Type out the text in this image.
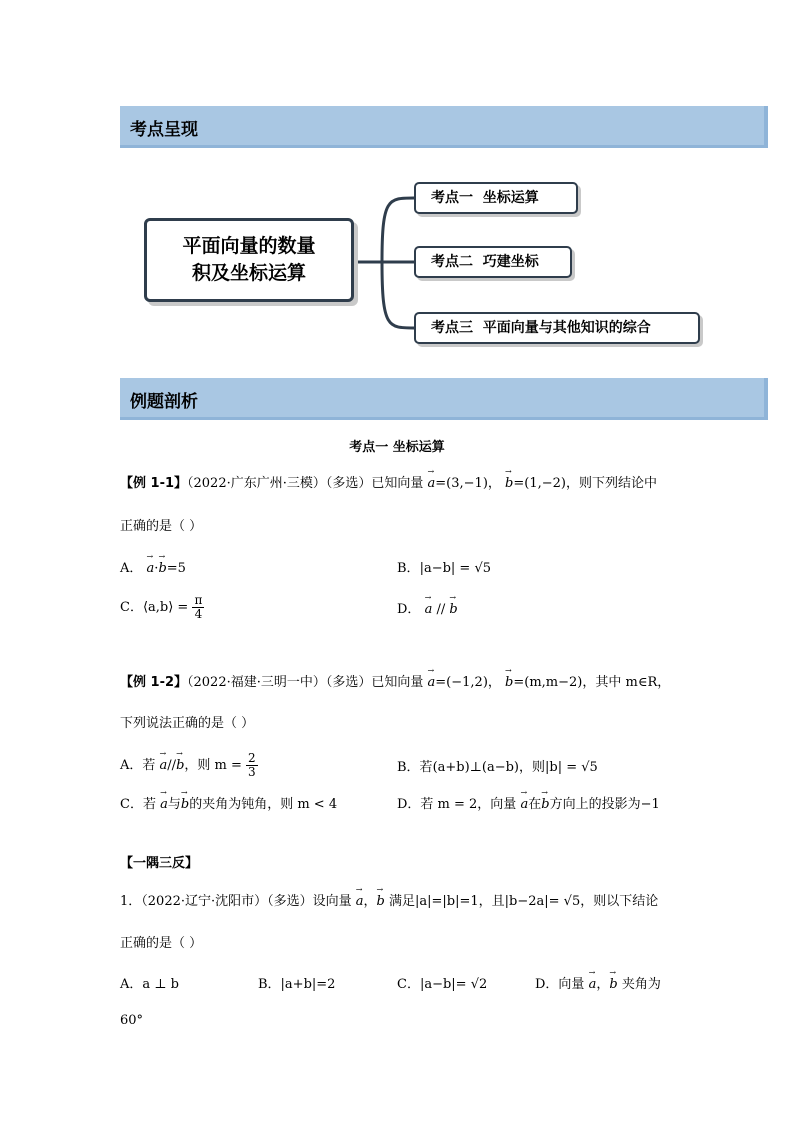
考点呈现
平面向量的数量
积及坐标运算
考点一  坐标运算
考点二  巧建坐标
考点三  平面向量与其他知识的综合
例题剖析
考点一 坐标运算
【例 1-1】（2022·广东广州·三模）（多选）已知向量 → a=(3,−1)， → b=(1,−2)，则下列结论中
正确的是（ ）
A． → a·→ b=5	B．|a−b| = √5
C．⟨a,b⟩ = $\frac{\pi}{4}$	D． → a // → b
【例 1-2】（2022·福建·三明一中）（多选）已知向量 → a=(−1,2)， → b=(m,m−2)，其中 m∈R，
下列说法正确的是（ ）
A．若 → a//→ b，则 $m = \frac{2}{3}$	B．若(a+b)⊥(a−b)，则|b| = √5
C．若 → a与→ b的夹角为钝角，则 m < 4	D．若 m = 2，向量 → a在→ b方向上的投影为−1
【一隅三反】
1．（2022·辽宁·沈阳市）（多选）设向量 → a，→ b 满足|a|=|b|=1，且|b−2a|= √5，则以下结论
正确的是（ ）
A．a ⊥ b	B．|a+b|=2	C．|a−b|= √2	D．向量 → a，→ b 夹角为
60°
